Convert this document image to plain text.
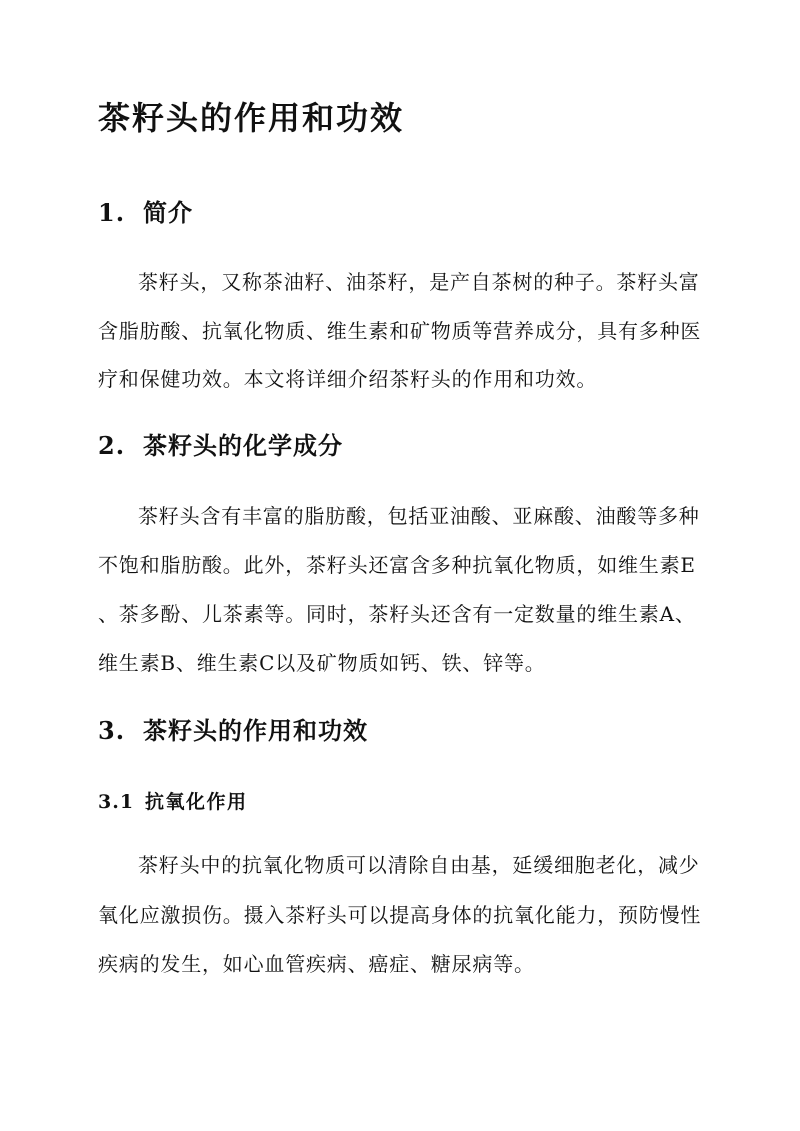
茶籽头的作用和功效
1. 简介
茶籽头，又称茶油籽、油茶籽，是产自茶树的种子。茶籽头富
含脂肪酸、抗氧化物质、维生素和矿物质等营养成分，具有多种医
疗和保健功效。本文将详细介绍茶籽头的作用和功效。
2. 茶籽头的化学成分
茶籽头含有丰富的脂肪酸，包括亚油酸、亚麻酸、油酸等多种
不饱和脂肪酸。此外，茶籽头还富含多种抗氧化物质，如维生素E
、茶多酚、儿茶素等。同时，茶籽头还含有一定数量的维生素A、
维生素B、维生素C以及矿物质如钙、铁、锌等。
3. 茶籽头的作用和功效
3.1 抗氧化作用
茶籽头中的抗氧化物质可以清除自由基，延缓细胞老化，减少
氧化应激损伤。摄入茶籽头可以提高身体的抗氧化能力，预防慢性
疾病的发生，如心血管疾病、癌症、糖尿病等。
